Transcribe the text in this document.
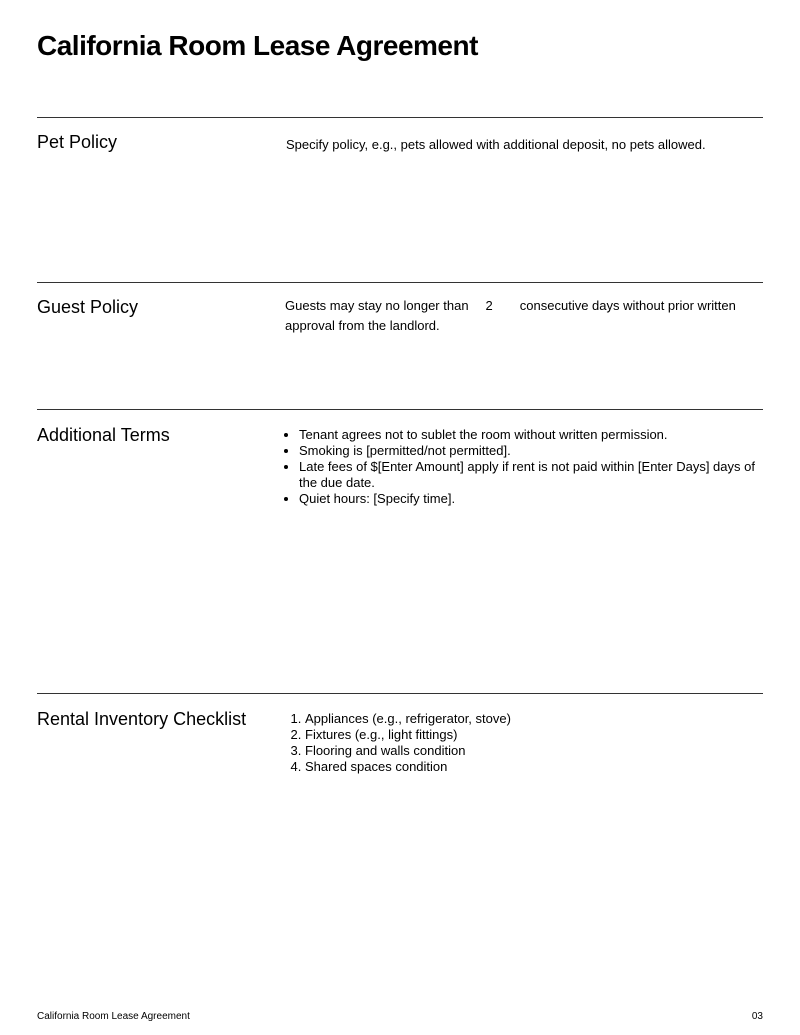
California Room Lease Agreement
Pet Policy	Specify policy, e.g., pets allowed with additional deposit, no pets allowed.
Guest Policy	Guests may stay no longer than 2 consecutive days without prior written approval from the landlord.
Additional Terms	• Tenant agrees not to sublet the room without written permission.
• Smoking is [permitted/not permitted].
• Late fees of $[Enter Amount] apply if rent is not paid within [Enter Days] days of the due date.
• Quiet hours: [Specify time].
Rental Inventory Checklist	1. Appliances (e.g., refrigerator, stove)
2. Fixtures (e.g., light fittings)
3. Flooring and walls condition
4. Shared spaces condition
California Room Lease Agreement	03
